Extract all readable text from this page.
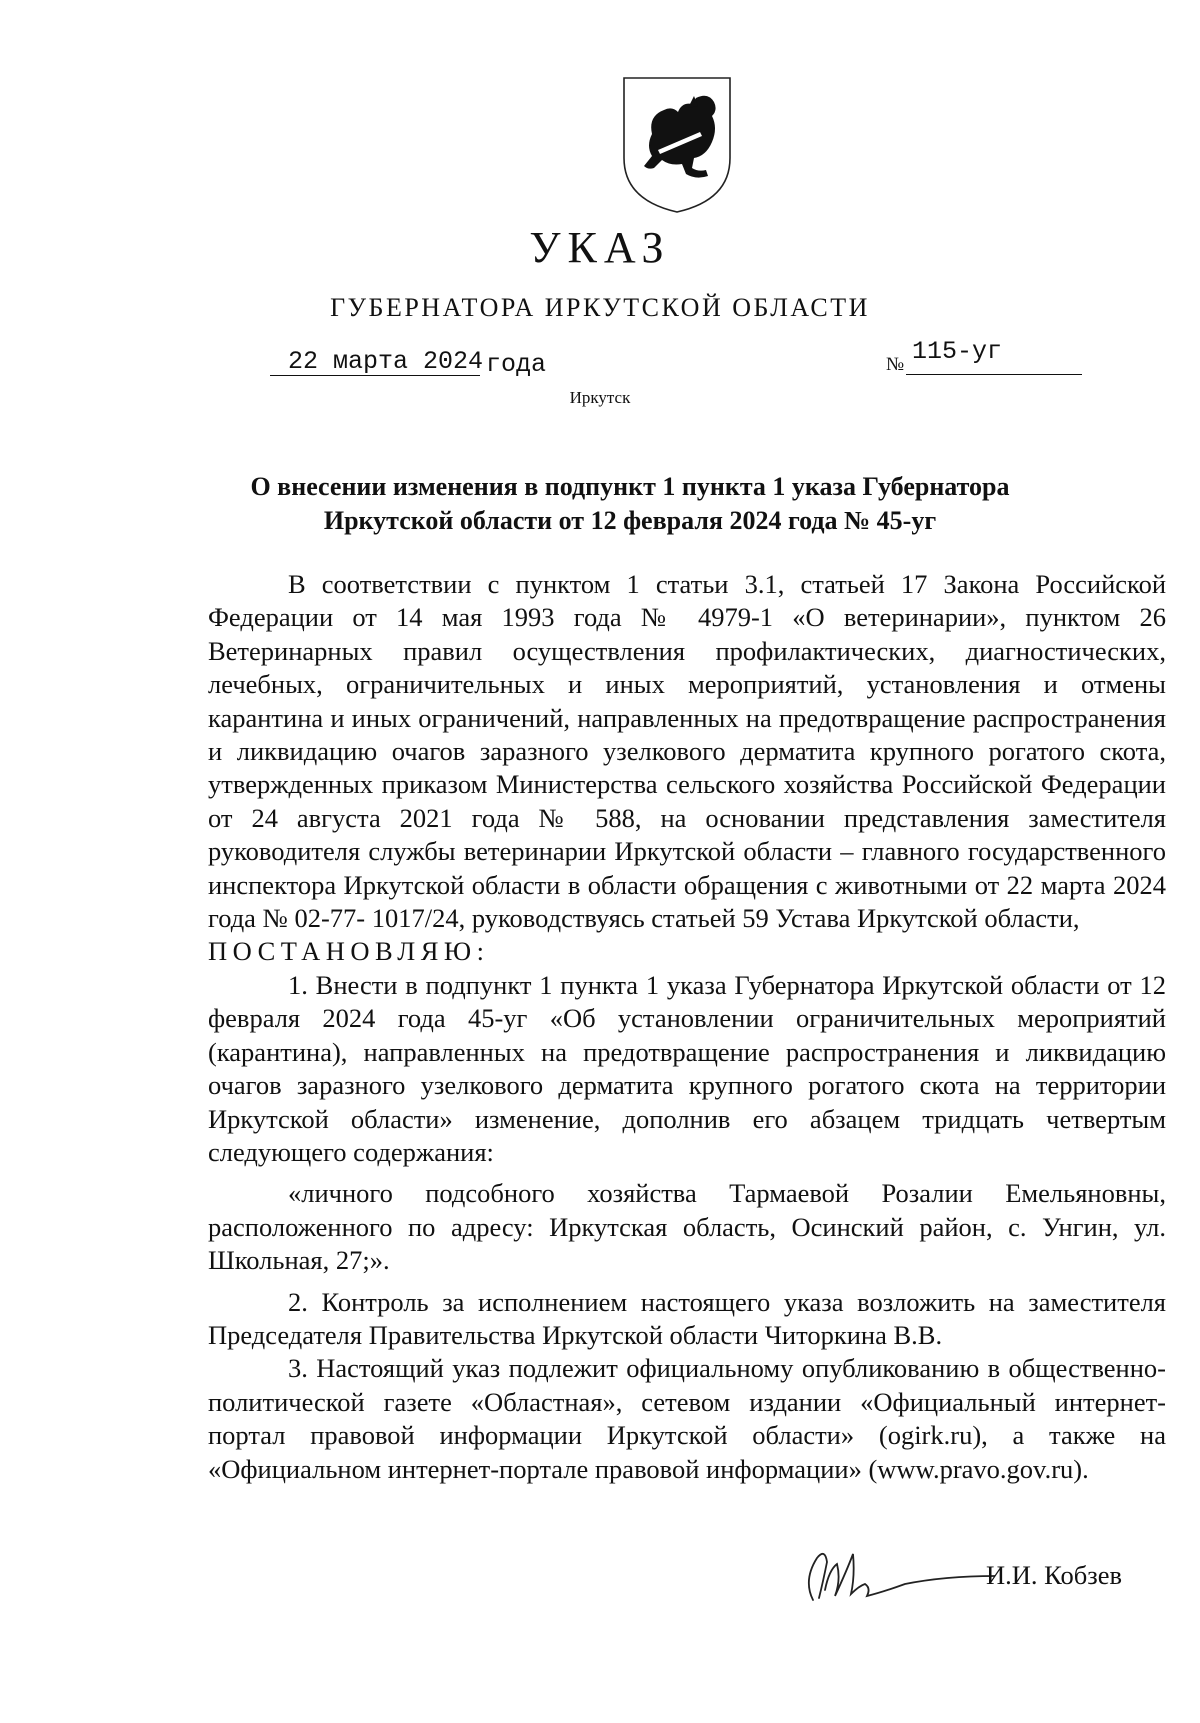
УКАЗ
ГУБЕРНАТОРА ИРКУТСКОЙ ОБЛАСТИ
22 марта 2024 года	№ 115-уг
Иркутск
О внесении изменения в подпункт 1 пункта 1 указа Губернатора
Иркутской области от 12 февраля 2024 года № 45-уг

В соответствии с пунктом 1 статьи 3.1, статьей 17 Закона Российской Федерации от 14 мая 1993 года № 4979-1 «О ветеринарии», пунктом 26 Ветеринарных правил осуществления профилактических, диагностических, лечебных, ограничительных и иных мероприятий, установления и отмены карантина и иных ограничений, направленных на предотвращение распространения и ликвидацию очагов заразного узелкового дерматита крупного рогатого скота, утвержденных приказом Министерства сельского хозяйства Российской Федерации от 24 августа 2021 года № 588, на основании представления заместителя руководителя службы ветеринарии Иркутской области – главного государственного инспектора Иркутской области в области обращения с животными от 22 марта 2024 года № 02-77- 1017/24, руководствуясь статьей 59 Устава Иркутской области,

ПОСТАНОВЛЯЮ:

1. Внести в подпункт 1 пункта 1 указа Губернатора Иркутской области от 12 февраля 2024 года 45-уг «Об установлении ограничительных мероприятий (карантина), направленных на предотвращение распространения и ликвидацию очагов заразного узелкового дерматита крупного рогатого скота на территории Иркутской области» изменение, дополнив его абзацем тридцать четвертым следующего содержания:

«личного подсобного хозяйства Тармаевой Розалии Емельяновны, расположенного по адресу: Иркутская область, Осинский район, с. Унгин, ул. Школьная, 27;».

2. Контроль за исполнением настоящего указа возложить на заместителя Председателя Правительства Иркутской области Читоркина В.В.

3. Настоящий указ подлежит официальному опубликованию в общественно-политической газете «Областная», сетевом издании «Официальный интернет-портал правовой информации Иркутской области» (ogirk.ru), а также на «Официальном интернет-портале правовой информации» (www.pravo.gov.ru).

И.И. Кобзев
